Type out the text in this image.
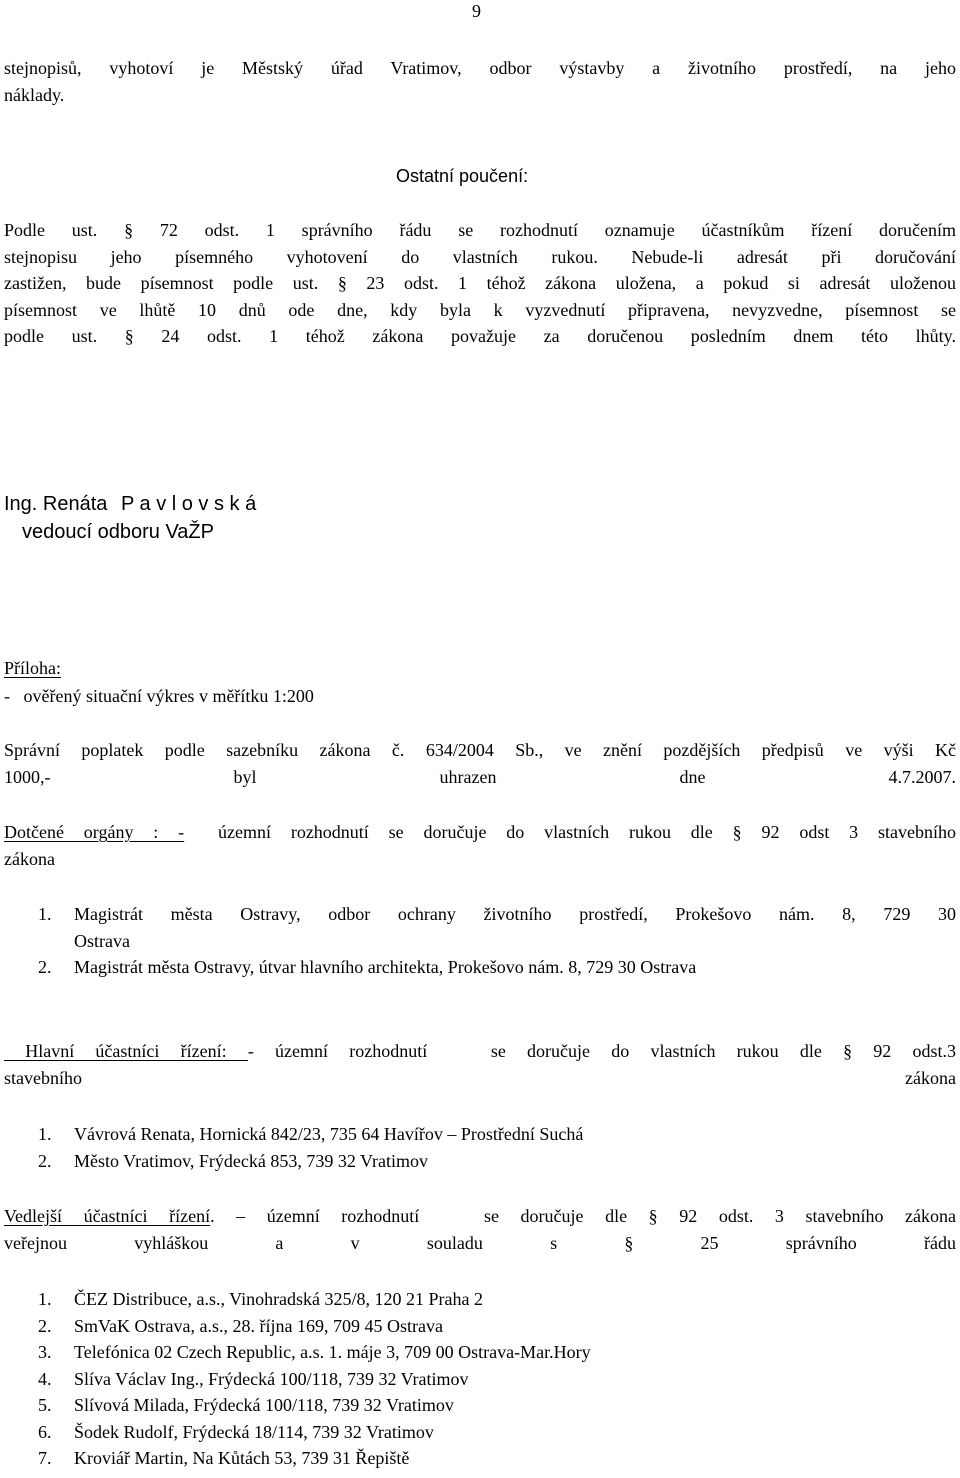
9
stejnopisů, vyhotoví je Městský úřad Vratimov, odbor výstavby a životního prostředí, na jeho
náklady.
Ostatní poučení:
Podle ust. § 72 odst. 1 správního řádu se rozhodnutí oznamuje účastníkům řízení doručením
stejnopisu jeho písemného vyhotovení do vlastních rukou. Nebude-li adresát při doručování
zastižen, bude písemnost podle ust. § 23 odst. 1 téhož zákona uložena, a pokud si adresát uloženou
písemnost ve lhůtě 10 dnů ode dne, kdy byla k vyzvednutí připravena, nevyzvedne, písemnost se
podle ust. § 24 odst. 1 téhož zákona považuje za doručenou posledním dnem této lhůty.
Ing. Renáta P a v l o v s k á
vedoucí odboru VaŽP
Příloha:
-   ověřený situační výkres v měřítku 1:200
Správní poplatek podle sazebníku zákona č. 634/2004 Sb., ve znění pozdějších předpisů ve výši Kč
1000,- byl uhrazen dne 4.7.2007.
Dotčené orgány : - územní rozhodnutí se doručuje do vlastních rukou dle § 92 odst 3 stavebního
zákona
1. Magistrát města Ostravy, odbor ochrany životního prostředí, Prokešovo nám. 8, 729 30
Ostrava
2. Magistrát města Ostravy, útvar hlavního architekta, Prokešovo nám. 8, 729 30 Ostrava
Hlavní účastníci řízení: - územní rozhodnutí   se doručuje do vlastních rukou dle § 92 odst.3
stavebního zákona
1. Vávrová Renata, Hornická 842/23, 735 64 Havířov – Prostřední Suchá
2. Město Vratimov, Frýdecká 853, 739 32 Vratimov
Vedlejší účastníci řízení. – územní rozhodnutí   se doručuje dle § 92 odst. 3 stavebního zákona
veřejnou vyhláškou a v souladu s § 25 správního řádu
1. ČEZ Distribuce, a.s., Vinohradská 325/8, 120 21 Praha 2
2. SmVaK Ostrava, a.s., 28. října 169, 709 45 Ostrava
3. Telefónica 02 Czech Republic, a.s. 1. máje 3, 709 00 Ostrava-Mar.Hory
4. Slíva Václav Ing., Frýdecká 100/118, 739 32 Vratimov
5. Slívová Milada, Frýdecká 100/118, 739 32 Vratimov
6. Šodek Rudolf, Frýdecká 18/114, 739 32 Vratimov
7. Kroviář Martin, Na Kůtách 53, 739 31 Řepiště
